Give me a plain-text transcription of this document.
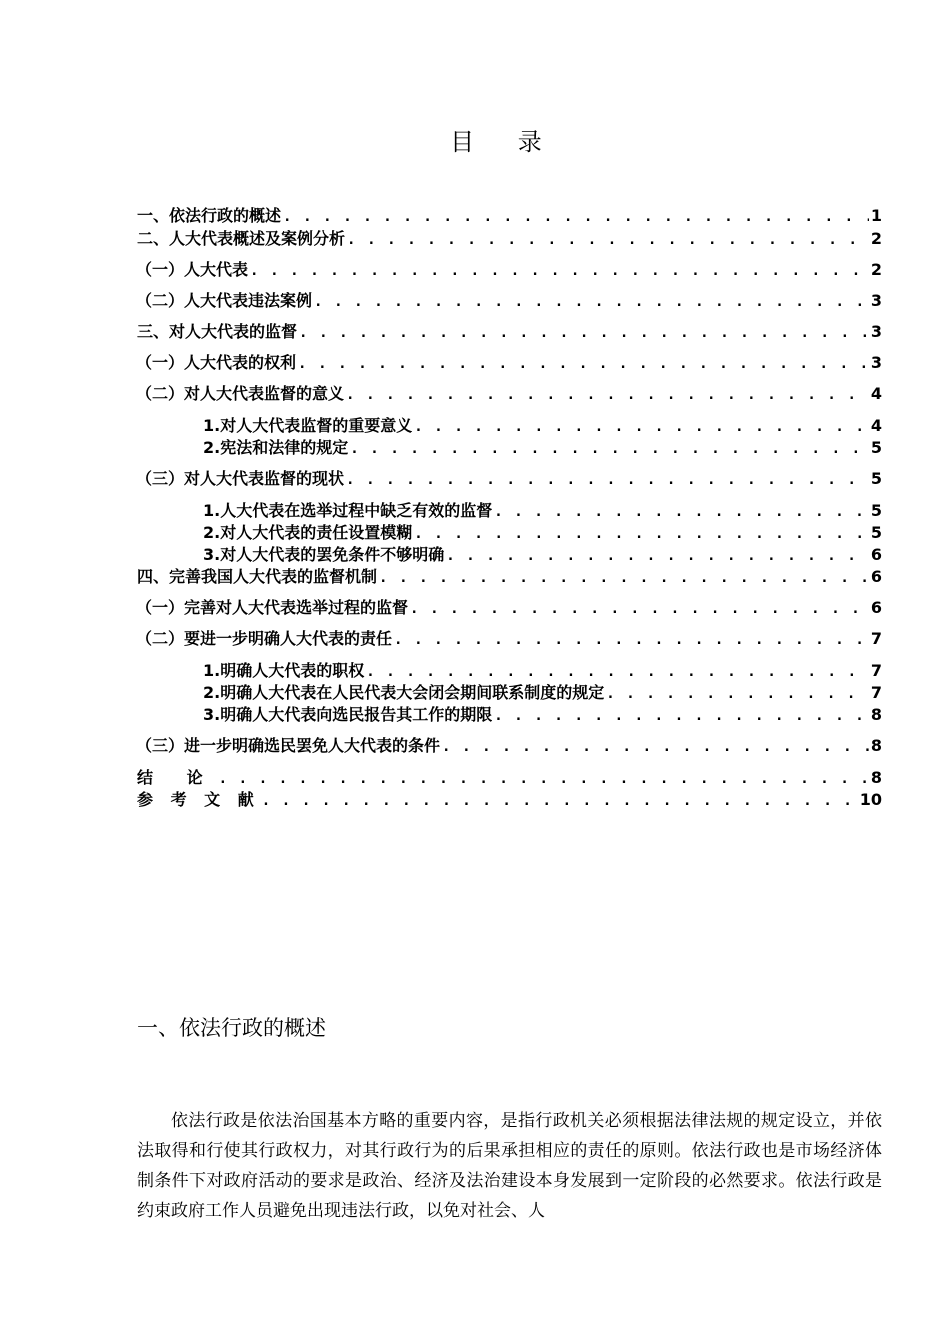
目 录
一、依法行政的概述 . . .	1
二、人大代表概述及案例分析 . . .	2
（一）人大代表 . . .	2
（二）人大代表违法案例 . . .	3
三、对人大代表的监督 . . .	3
（一）人大代表的权利 . . .	3
（二）对人大代表监督的意义 . . .	4
1.对人大代表监督的重要意义 . . .	4
2.宪法和法律的规定 . . .	5
（三）对人大代表监督的现状 . . .	5
1.人大代表在选举过程中缺乏有效的监督 . . .	5
2.对人大代表的责任设置模糊 . . .	5
3.对人大代表的罢免条件不够明确 . . .	6
四、完善我国人大代表的监督机制 . . .	6
（一）完善对人大代表选举过程的监督 . . .	6
（二）要进一步明确人大代表的责任 . . .	7
1.明确人大代表的职权 . . .	7
2.明确人大代表在人民代表大会闭会期间联系制度的规定 . . .	7
3.明确人大代表向选民报告其工作的期限 . . .	8
（三）进一步明确选民罢免人大代表的条件 . . .	8
结 论 . . .	8
参 考 文 献 . . .	10
一、依法行政的概述
依法行政是依法治国基本方略的重要内容，是指行政机关必须根据法律法规的规定设立，并依法取得和行使其行政权力，对其行政行为的后果承担相应的责任的原则。依法行政也是市场经济体制条件下对政府活动的要求是政治、经济及法治建设本身发展到一定阶段的必然要求。依法行政是约束政府工作人员避免出现违法行政，以免对社会、人
